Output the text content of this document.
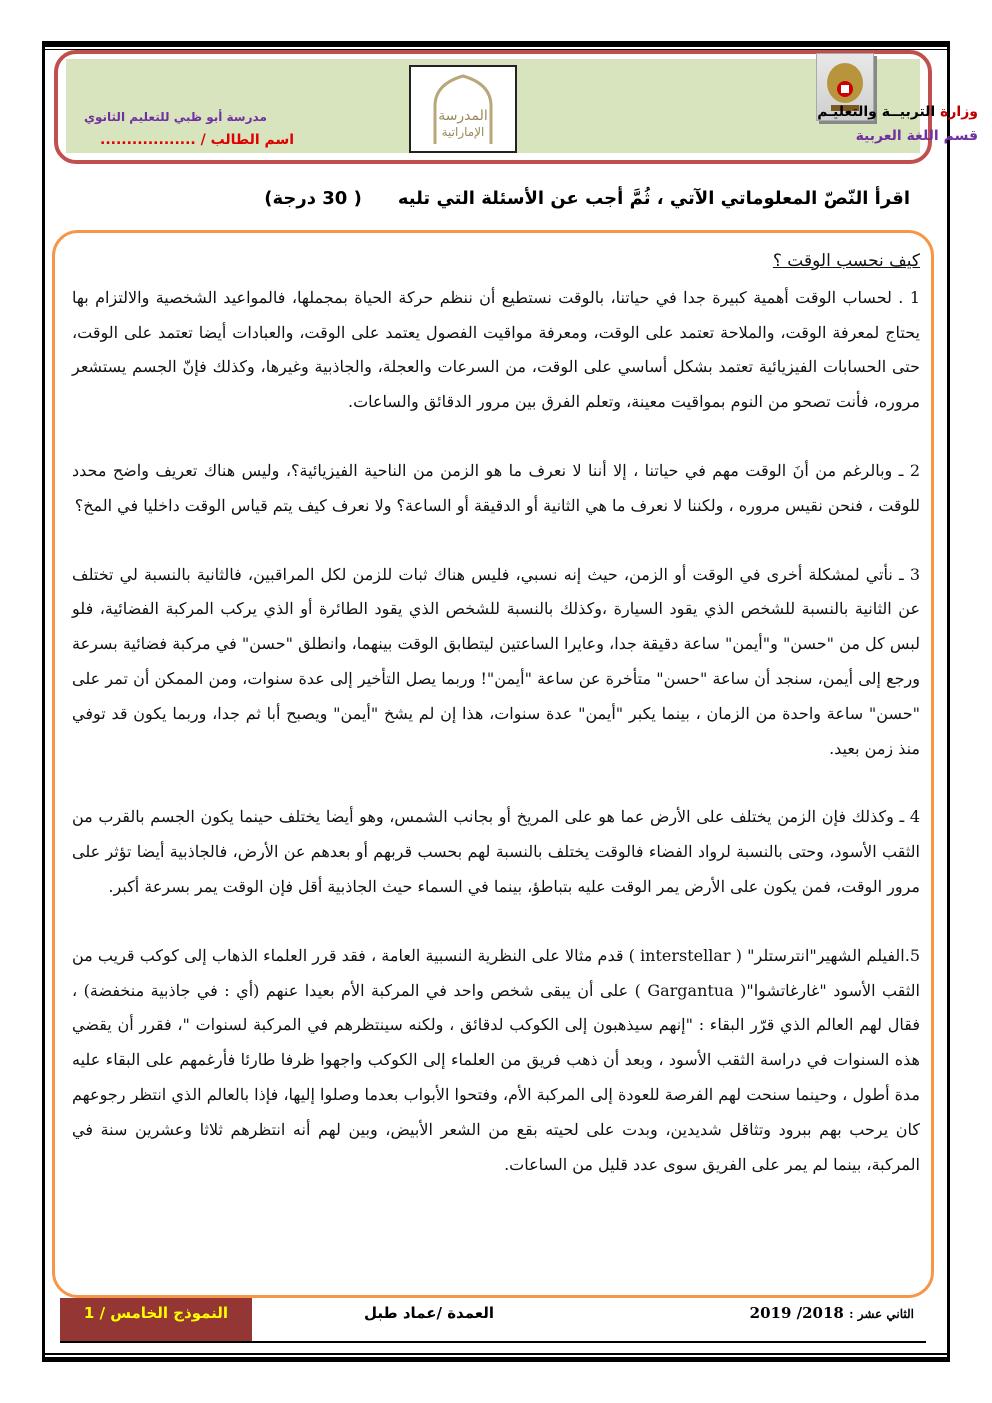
المدرسة
الإماراتية
وزارة التربيــة والتعليـم
قسم اللغة العربية
مدرسة أبو ظبي للتعليم الثانوي
اسم الطالب / ..................
اقرأ النّصّ المعلوماتي الآتي ، ثُمَّ أجب عن الأسئلة التي تليه( 30 درجة)
كيف نحسب الوقت ؟

1 . لحساب الوقت أهمية كبيرة جدا في حياتنا، بالوقت نستطيع أن ننظم حركة الحياة بمجملها، فالمواعيد الشخصية والالتزام بها يحتاج لمعرفة الوقت، والملاحة تعتمد على الوقت، ومعرفة مواقيت الفصول يعتمد على الوقت، والعبادات أيضا تعتمد على الوقت، حتى الحسابات الفيزيائية تعتمد بشكل أساسي على الوقت، من السرعات والعجلة، والجاذبية وغيرها، وكذلك فإنّ الجسم يستشعر مروره، فأنت تصحو من النوم بمواقيت معينة، وتعلم الفرق بين مرور الدقائق والساعات.

2 ـ وبالرغم من أنَ الوقت مهم في حياتنا ، إلا أننا لا نعرف ما هو الزمن من الناحية الفيزيائية؟، وليس هناك تعريف واضح محدد للوقت ، فنحن نقيس مروره ، ولكننا لا نعرف ما هي الثانية أو الدقيقة أو الساعة؟ ولا نعرف كيف يتم قياس الوقت داخليا في المخ؟

3 ـ نأتي لمشكلة أخرى في الوقت أو الزمن، حيث إنه نسبي، فليس هناك ثبات للزمن لكل المراقبين، فالثانية بالنسبة لي تختلف عن الثانية بالنسبة للشخص الذي يقود السيارة ،وكذلك بالنسبة للشخص الذي يقود الطائرة أو الذي يركب المركبة الفضائية، فلو لبس كل من "حسن" و"أيمن" ساعة دقيقة جدا، وعايرا الساعتين ليتطابق الوقت بينهما، وانطلق "حسن" في مركبة فضائية بسرعة ورجع إلى أيمن، سنجد أن ساعة "حسن" متأخرة عن ساعة "أيمن"! وربما يصل التأخير إلى عدة سنوات، ومن الممكن أن تمر على "حسن" ساعة واحدة من الزمان ، بينما يكبر "أيمن" عدة سنوات، هذا إن لم يشخ "أيمن" ويصبح أبا ثم جدا، وربما يكون قد توفي منذ زمن بعيد.

4 ـ وكذلك فإن الزمن يختلف على الأرض عما هو على المريخ أو بجانب الشمس، وهو أيضا يختلف حينما يكون الجسم بالقرب من الثقب الأسود، وحتى بالنسبة لرواد الفضاء فالوقت يختلف بالنسبة لهم بحسب قربهم أو بعدهم عن الأرض، فالجاذبية أيضا تؤثر على مرور الوقت، فمن يكون على الأرض يمر الوقت عليه بتباطؤ، بينما في السماء حيث الجاذبية أقل فإن الوقت يمر بسرعة أكبر.

5.الفيلم الشهير"انترستلر" ( interstellar ) قدم مثالا على النظرية النسبية العامة ، فقد قرر العلماء الذهاب إلى كوكب قريب من الثقب الأسود "غارغاتشوا"( Gargantua ) على أن يبقى شخص واحد في المركبة الأم بعيدا عنهم (أي : في جاذبية منخفضة) ، فقال لهم العالم الذي قرّر البقاء : "إنهم سيذهبون إلى الكوكب لدقائق ، ولكنه سينتظرهم في المركبة لسنوات "، فقرر أن يقضي هذه السنوات في دراسة الثقب الأسود ، وبعد أن ذهب فريق من العلماء إلى الكوكب واجهوا ظرفا طارئا فأرغمهم على البقاء عليه مدة أطول ، وحينما سنحت لهم الفرصة للعودة إلى المركبة الأم، وفتحوا الأبواب بعدما وصلوا إليها، فإذا بالعالم الذي انتظر رجوعهم كان يرحب بهم ببرود وتثاقل شديدين، وبدت على لحيته بقع من الشعر الأبيض، وبين لهم أنه انتظرهم ثلاثا وعشرين سنة في المركبة، بينما لم يمر على الفريق سوى عدد قليل من الساعات.

النموذج الخامس / 1	العمدة /عماد طبل	الثاني عشر : 2018/ 2019
